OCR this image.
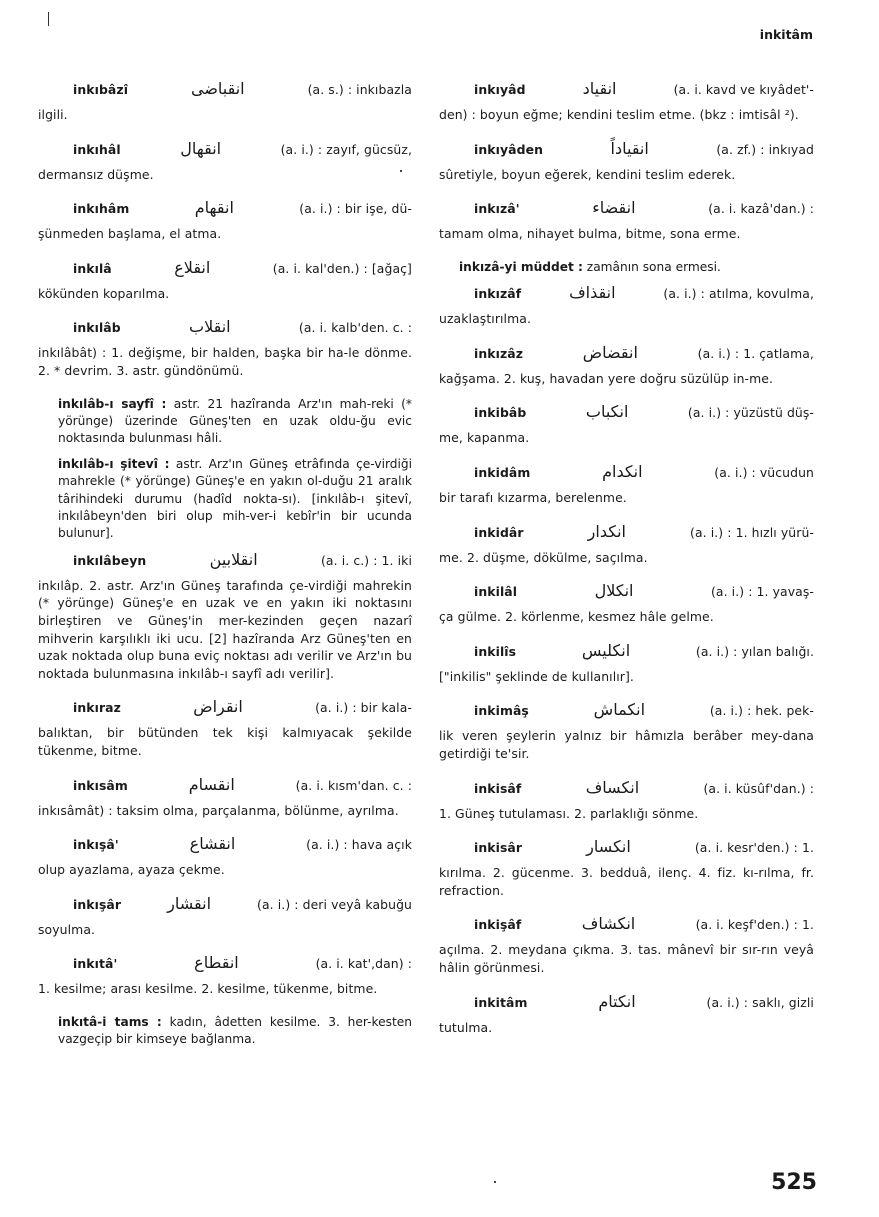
inkitâm
inkıbâzî	انقباضى	(a. s.) : inkıbazla
ilgili.
inkıhâl	انقهال	(a. i.) : zayıf, gücsüz,
dermansız düşme.
inkıhâm	انقهام	(a. i.) : bir işe, dü-
şünmeden başlama, el atma.
inkılâ	انقلاع	(a. i. kal'den.) : [ağaç]
kökünden koparılma.
inkılâb	انقلاب	(a. i. kalb'den. c. :
inkılâbât) : 1. değişme, bir halden, başka bir ha-le dönme. 2. * devrim. 3. astr. gündönümü.
inkılâb-ı sayfî : astr. 21 hazîranda Arz'ın mah-reki (* yörünge) üzerinde Güneş'ten en uzak oldu-ğu evic noktasında bulunması hâli.
inkılâb-ı şitevî : astr. Arz'ın Güneş etrâfında çe-virdiği mahrekle (* yörünge) Güneş'e en yakın ol-duğu 21 aralık târihindeki durumu (hadîd nokta-sı). [inkılâb-ı şitevî, inkılâbeyn'den biri olup mih-ver-i kebîr'in bir ucunda bulunur].
inkılâbeyn	انقلابين	(a. i. c.) : 1. iki
inkılâp. 2. astr. Arz'ın Güneş tarafında çe-virdiği mahrekin (* yörünge) Güneş'e en uzak ve en yakın iki noktasını birleştiren ve Güneş'in mer-kezinden geçen nazarî mihverin karşılıklı iki ucu. [2] hazîranda Arz Güneş'ten en uzak noktada olup buna eviç noktası adı verilir ve Arz'ın bu noktada bulunmasına inkılâb-ı sayfî adı verilir].
inkıraz	انقراض	(a. i.) : bir kala-
balıktan, bir bütünden tek kişi kalmıyacak şekilde tükenme, bitme.
inkısâm	انقسام	(a. i. kısm'dan. c. :
inkısâmât) : taksim olma, parçalanma, bölünme, ayrılma.
inkışâ'	انقشاع	(a. i.) : hava açık
olup ayazlama, ayaza çekme.
inkışâr	انقشار	(a. i.) : deri veyâ kabuğu
soyulma.
inkıtâ'	انقطاع	(a. i. kat',dan) :
1. kesilme; arası kesilme. 2. kesilme, tükenme, bitme.
inkıtâ-i tams : kadın, âdetten kesilme. 3. her-kesten vazgeçip bir kimseye bağlanma.
inkıyâd	انقياد	(a. i. kavd ve kıyâdet'-
den) : boyun eğme; kendini teslim etme. (bkz : imtisâl ²).
inkıyâden	انقياداً	(a. zf.) : inkıyad
sûretiyle, boyun eğerek, kendini teslim ederek.
inkızâ'	انقضاء	(a. i. kazâ'dan.) :
tamam olma, nihayet bulma, bitme, sona erme.
inkızâ-yi müddet : zamânın sona ermesi.
inkızâf	انقذاف	(a. i.) : atılma, kovulma,
uzaklaştırılma.
inkızâz	انقضاض	(a. i.) : 1. çatlama,
kağşama. 2. kuş, havadan yere doğru süzülüp in-me.
inkibâb	انكباب	(a. i.) : yüzüstü düş-
me, kapanma.
inkidâm	انكدام	(a. i.) : vücudun
bir tarafı kızarma, berelenme.
inkidâr	انكدار	(a. i.) : 1. hızlı yürü-
me. 2. düşme, dökülme, saçılma.
inkilâl	انكلال	(a. i.) : 1. yavaş-
ça gülme. 2. körlenme, kesmez hâle gelme.
inkilîs	انكليس	(a. i.) : yılan balığı.
["inkilis" şeklinde de kullanılır].
inkimâş	انكماش	(a. i.) : hek. pek-
lik veren şeylerin yalnız bir hâmızla berâber mey-dana getirdiği te'sir.
inkisâf	انكساف	(a. i. küsûf'dan.) :
1. Güneş tutulaması. 2. parlaklığı sönme.
inkisâr	انكسار	(a. i. kesr'den.) : 1.
kırılma. 2. gücenme. 3. bedduâ, ilenç. 4. fiz. kı-rılma, fr. refraction.
inkişâf	انكشاف	(a. i. keşf'den.) : 1.
açılma. 2. meydana çıkma. 3. tas. mânevî bir sır-rın veyâ hâlin görünmesi.
inkitâm	انكتام	(a. i.) : saklı, gizli
tutulma.
525
